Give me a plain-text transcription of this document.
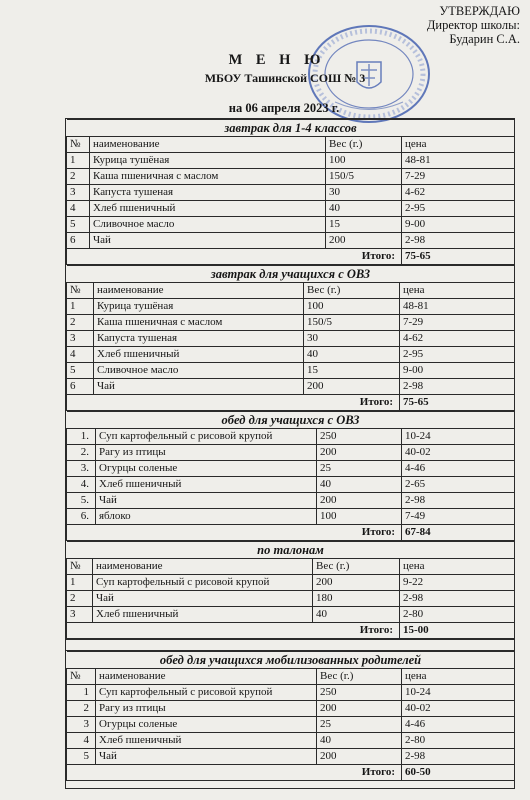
УТВЕРЖДАЮ
Директор школы:
Бударин С.А.
М Е Н Ю
МБОУ Ташинской СОШ № 3
на 06 апреля 2023 г.
завтрак для 1-4 классов			
№	наименование	Вес (г.)	цена
1	Курица тушёная	100	48-81
2	Каша пшеничная с маслом	150/5	7-29
3	Капуста тушеная	30	4-62
4	Хлеб пшеничный	40	2-95
5	Сливочное масло	15	9-00
6	Чай	200	2-98
Итого:			75-65
завтрак для учащихся с ОВЗ			
№	наименование	Вес (г.)	цена
1	Курица тушёная	100	48-81
2	Каша пшеничная с маслом	150/5	7-29
3	Капуста тушеная	30	4-62
4	Хлеб пшеничный	40	2-95
5	Сливочное масло	15	9-00
6	Чай	200	2-98
Итого:			75-65
обед для учащихся с ОВЗ			
1.	Суп картофельный с рисовой крупой	250	10-24
2.	Рагу из птицы	200	40-02
3.	Огурцы соленые	25	4-46
4.	Хлеб пшеничный	40	2-65
5.	Чай	200	2-98
6.	яблоко	100	7-49
Итого:			67-84
по талонам			
№	наименование	Вес (г.)	цена
1	Суп картофельный с рисовой крупой	200	9-22
2	Чай	180	2-98
3	Хлеб пшеничный	40	2-80
Итого:			15-00
обед для учащихся мобилизованных родителей			
№	наименование	Вес (г.)	цена
1	Суп картофельный с рисовой крупой	250	10-24
2	Рагу из птицы	200	40-02
3	Огурцы соленые	25	4-46
4	Хлеб пшеничный	40	2-80
5	Чай	200	2-98
Итого:			60-50
